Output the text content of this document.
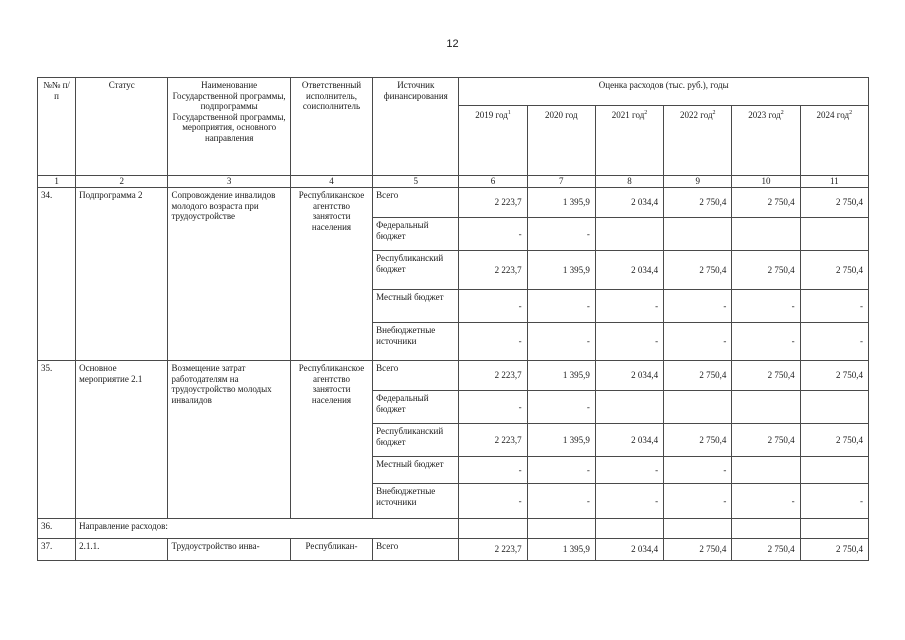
12
№№ п/п	Статус	Наименование Государственной программы, подпрограммы Государственной программы, мероприятия, основного направления	Ответственный исполнитель, соисполнитель	Источник финансирования	Оценка расходов (тыс. руб.), годы					
					2019 год$^1$	2020 год	2021 год$^2$	2022 год$^2$	2023 год$^2$	2024 год$^2$
1	2	3	4	5	6	7	8	9	10	11
34.	Подпрограмма 2	Сопровождение инвалидов молодого возраста при трудоустройстве	Республиканское агентство занятости населения	Всего	2 223,7	1 395,9	2 034,4	2 750,4	2 750,4	2 750,4
				Федеральный бюджет	-	-				
				Республиканский бюджет	2 223,7	1 395,9	2 034,4	2 750,4	2 750,4	2 750,4
				Местный бюджет	-	-	-	-	-	-
				Внебюджетные источники	-	-	-	-	-	-
35.	Основное мероприятие 2.1	Возмещение затрат работодателям на трудоустройство молодых инвалидов	Республиканское агентство занятости населения	Всего	2 223,7	1 395,9	2 034,4	2 750,4	2 750,4	2 750,4
				Федеральный бюджет	-	-				
				Республиканский бюджет	2 223,7	1 395,9	2 034,4	2 750,4	2 750,4	2 750,4
				Местный бюджет	-	-	-	-		
				Внебюджетные источники	-	-	-	-	-	-
36.	Направление расходов:									
37.	2.1.1.	Трудоустройство инва-	Республикан-	Всего	2 223,7	1 395,9	2 034,4	2 750,4	2 750,4	2 750,4
